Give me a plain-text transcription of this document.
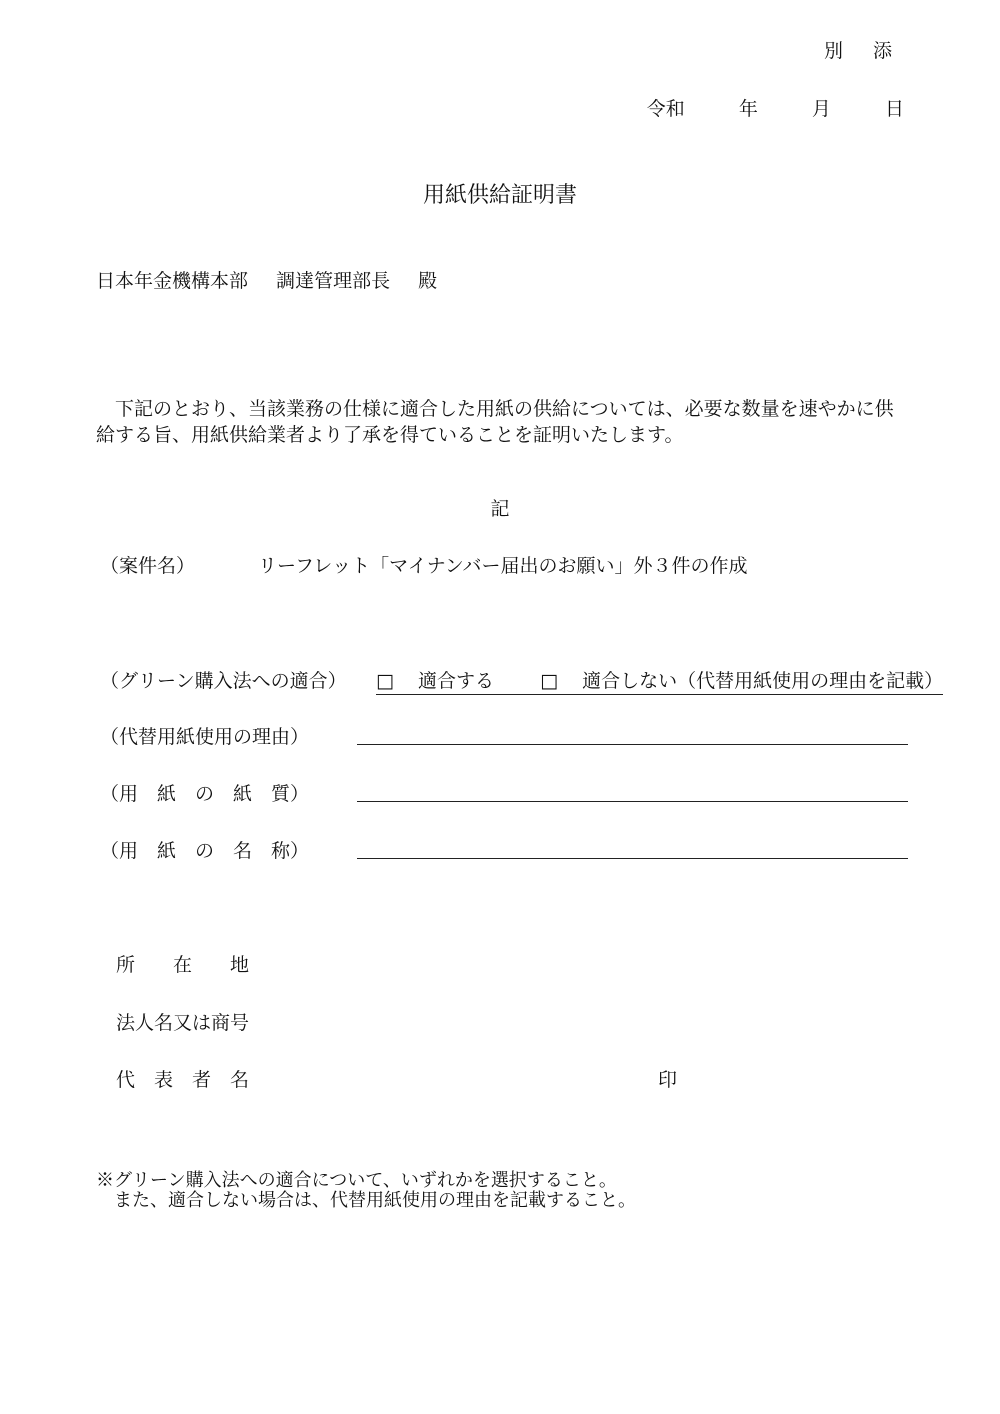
別 添
令和	年	月	日
用紙供給証明書
日本年金機構本部 調達管理部長 殿
下記のとおり、当該業務の仕様に適合した用紙の供給については、必要な数量を速やかに供給する旨、用紙供給業者より了承を得ていることを証明いたします。
記
（案件名）	リーフレット「マイナンバー届出のお願い」外３件の作成
（グリーン購入法への適合） □ 適合する □ 適合しない（代替用紙使用の理由を記載）
（代替用紙使用の理由）
（用　紙　の　紙　質）
（用　紙　の　名　称）
所　　在　　地
法人名又は商号
代　表　者　名	印
※グリーン購入法への適合について、いずれかを選択すること。
また、適合しない場合は、代替用紙使用の理由を記載すること。
